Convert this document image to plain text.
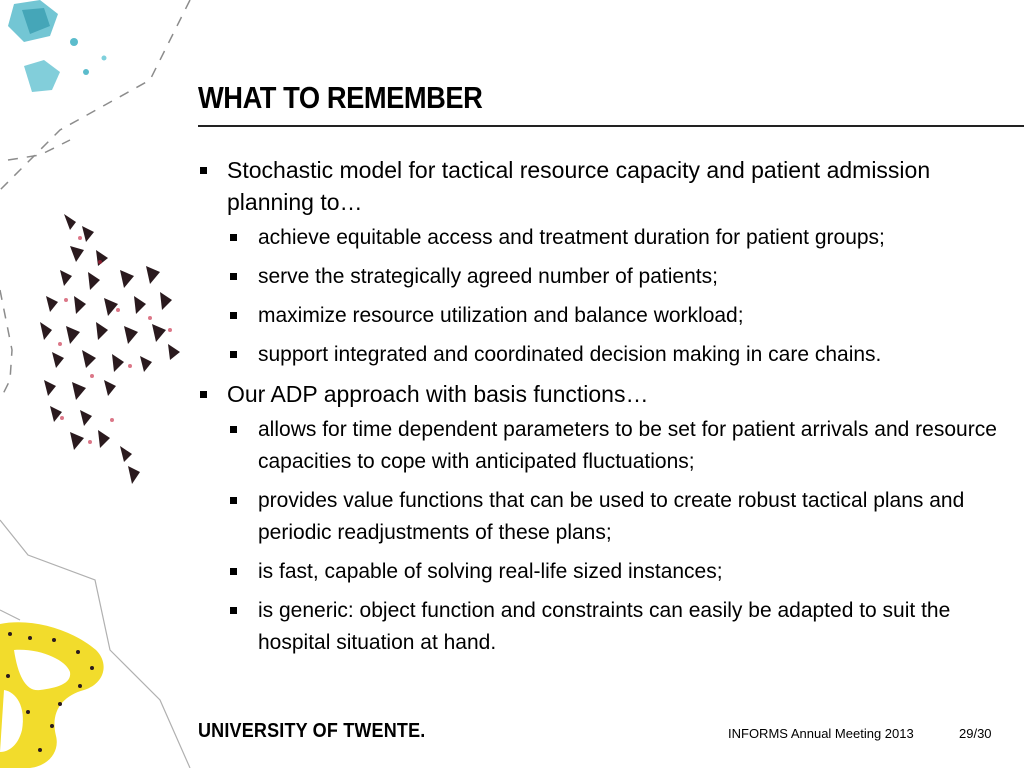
WHAT TO REMEMBER
Stochastic model for tactical resource capacity and patient admission planning to…
achieve equitable access and treatment duration for patient groups;
serve the strategically agreed number of patients;
maximize resource utilization and balance workload;
support integrated and coordinated decision making in care chains.
Our ADP approach with basis functions…
allows for time dependent parameters to be set for patient arrivals and resource capacities to cope with anticipated fluctuations;
provides value functions that can be used to create robust tactical plans and periodic readjustments of these plans;
is fast, capable of solving real-life sized instances;
is generic: object function and constraints can easily be adapted to suit the hospital situation at hand.
UNIVERSITY OF TWENTE.	INFORMS Annual Meeting 2013	29/30
